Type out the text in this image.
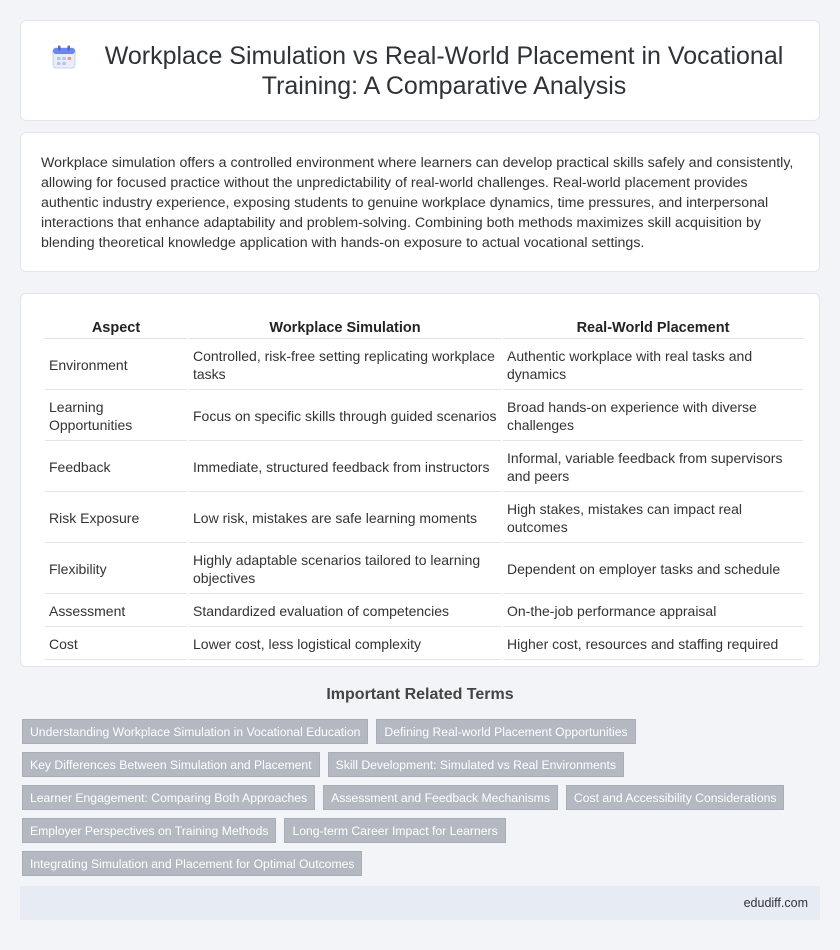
Workplace Simulation vs Real-World Placement in Vocational Training: A Comparative Analysis

Workplace simulation offers a controlled environment where learners can develop practical skills safely and consistently, allowing for focused practice without the unpredictability of real-world challenges. Real-world placement provides authentic industry experience, exposing students to genuine workplace dynamics, time pressures, and interpersonal interactions that enhance adaptability and problem-solving. Combining both methods maximizes skill acquisition by blending theoretical knowledge application with hands-on exposure to actual vocational settings.

Aspect	Workplace Simulation	Real-World Placement
Environment	Controlled, risk-free setting replicating workplace tasks	Authentic workplace with real tasks and dynamics
Learning Opportunities	Focus on specific skills through guided scenarios	Broad hands-on experience with diverse challenges
Feedback	Immediate, structured feedback from instructors	Informal, variable feedback from supervisors and peers
Risk Exposure	Low risk, mistakes are safe learning moments	High stakes, mistakes can impact real outcomes
Flexibility	Highly adaptable scenarios tailored to learning objectives	Dependent on employer tasks and schedule
Assessment	Standardized evaluation of competencies	On-the-job performance appraisal
Cost	Lower cost, less logistical complexity	Higher cost, resources and staffing required
Important Related Terms
Understanding Workplace Simulation in Vocational Education	Defining Real-world Placement Opportunities
Key Differences Between Simulation and Placement	Skill Development: Simulated vs Real Environments
Learner Engagement: Comparing Both Approaches	Assessment and Feedback Mechanisms	Cost and Accessibility Considerations
Employer Perspectives on Training Methods	Long-term Career Impact for Learners
Integrating Simulation and Placement for Optimal Outcomes
edudiff.com
